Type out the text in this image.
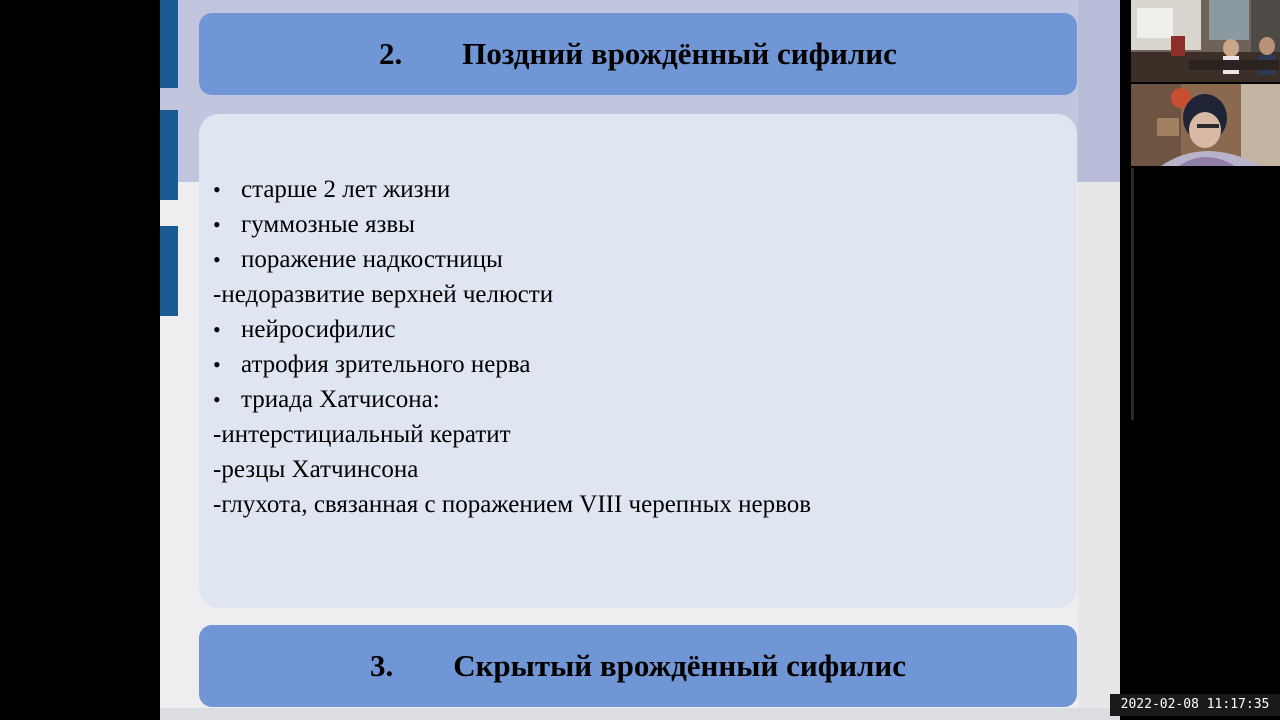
2. Поздний врождённый сифилис
• старше 2 лет жизни
• гуммозные язвы
• поражение надкостницы
-недоразвитие верхней челюсти
• нейросифилис
• атрофия зрительного нерва
• триада Хатчисона:
-интерстициальный кератит
-резцы Хатчинсона
-глухота, связанная с поражением VIII черепных нервов
3. Скрытый врождённый сифилис
2022-02-08 11:17:35
